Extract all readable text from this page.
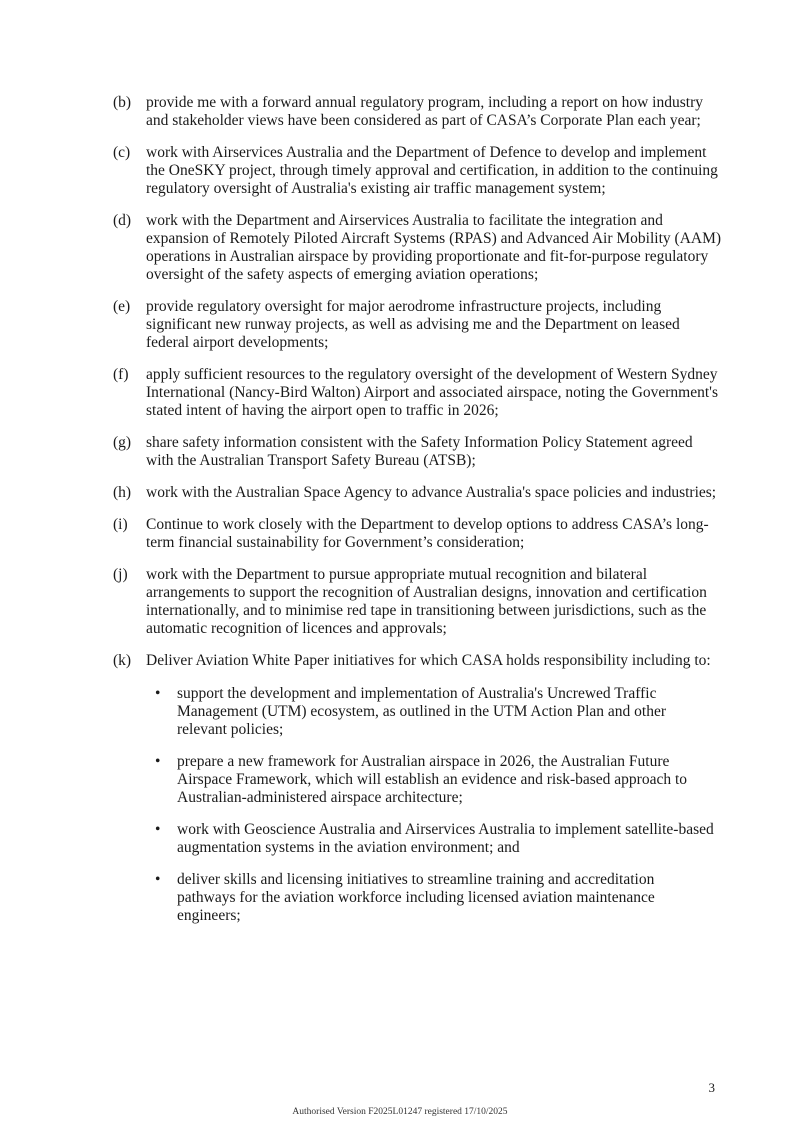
(b) provide me with a forward annual regulatory program, including a report on how industry and stakeholder views have been considered as part of CASA’s Corporate Plan each year;
(c)	work with Airservices Australia and the Department of Defence to develop and implement the OneSKY project, through timely approval and certification, in addition to the continuing regulatory oversight of Australia's existing air traffic management system;
(d) work with the Department and Airservices Australia to facilitate the integration and expansion of Remotely Piloted Aircraft Systems (RPAS) and Advanced Air Mobility (AAM) operations in Australian airspace by providing proportionate and fit-for-purpose regulatory oversight of the safety aspects of emerging aviation operations;
(e)	provide regulatory oversight for major aerodrome infrastructure projects, including significant new runway projects, as well as advising me and the Department on leased federal airport developments;
(f)	apply sufficient resources to the regulatory oversight of the development of Western Sydney International (Nancy-Bird Walton) Airport and associated airspace, noting the Government's stated intent of having the airport open to traffic in 2026;
(g) share safety information consistent with the Safety Information Policy Statement agreed with the Australian Transport Safety Bureau (ATSB);
(h) work with the Australian Space Agency to advance Australia's space policies and industries;
(i)	Continue to work closely with the Department to develop options to address CASA’s long-term financial sustainability for Government’s consideration;
(j)	work with the Department to pursue appropriate mutual recognition and bilateral arrangements to support the recognition of Australian designs, innovation and certification internationally, and to minimise red tape in transitioning between jurisdictions, such as the automatic recognition of licences and approvals;
(k) Deliver Aviation White Paper initiatives for which CASA holds responsibility including to:
•	support the development and implementation of Australia's Uncrewed Traffic Management (UTM) ecosystem, as outlined in the UTM Action Plan and other relevant policies;
•	prepare a new framework for Australian airspace in 2026, the Australian Future Airspace Framework, which will establish an evidence and risk-based approach to Australian-administered airspace architecture;
•	work with Geoscience Australia and Airservices Australia to implement satellite-based augmentation systems in the aviation environment; and
•	deliver skills and licensing initiatives to streamline training and accreditation pathways for the aviation workforce including licensed aviation maintenance engineers;
3
Authorised Version F2025L01247 registered 17/10/2025
